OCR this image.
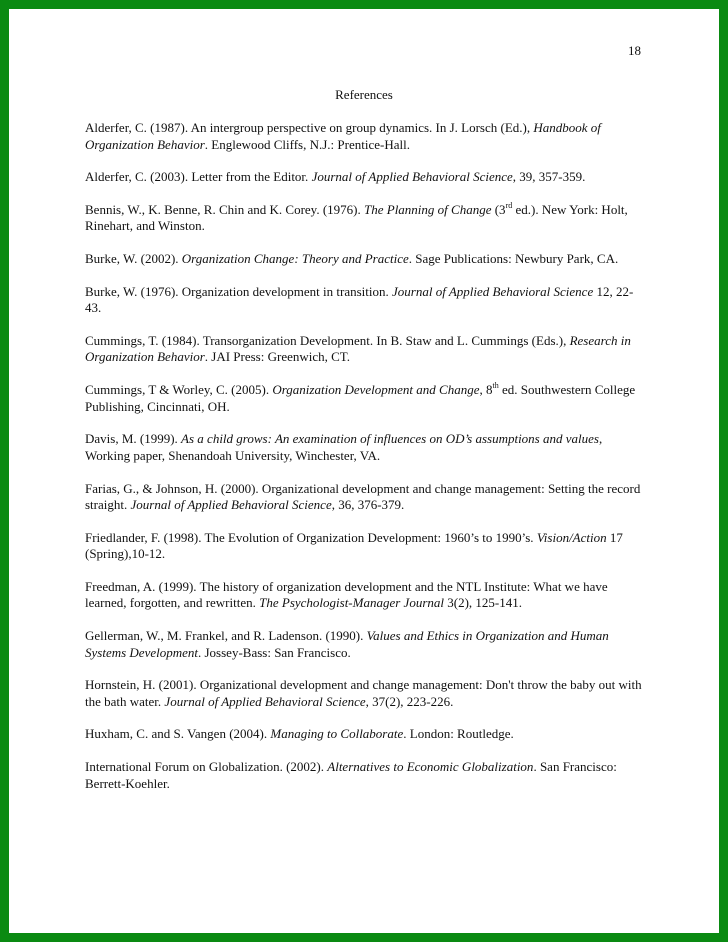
18
References

Alderfer, C. (1987). An intergroup perspective on group dynamics. In J. Lorsch (Ed.), Handbook of Organization Behavior. Englewood Cliffs, N.J.: Prentice-Hall.

Alderfer, C. (2003). Letter from the Editor. Journal of Applied Behavioral Science, 39, 357-359.

Bennis, W., K. Benne, R. Chin and K. Corey. (1976). The Planning of Change (3rd ed.). New York: Holt, Rinehart, and Winston.

Burke, W. (2002). Organization Change: Theory and Practice. Sage Publications: Newbury Park, CA.

Burke, W. (1976). Organization development in transition. Journal of Applied Behavioral Science 12, 22-43.

Cummings, T. (1984). Transorganization Development. In B. Staw and L. Cummings (Eds.), Research in Organization Behavior. JAI Press: Greenwich, CT.

Cummings, T & Worley, C. (2005). Organization Development and Change, 8th ed. Southwestern College Publishing, Cincinnati, OH.

Davis, M. (1999). As a child grows: An examination of influences on OD’s assumptions and values, Working paper, Shenandoah University, Winchester, VA.

Farias, G., & Johnson, H. (2000). Organizational development and change management: Setting the record straight. Journal of Applied Behavioral Science, 36, 376-379.

Friedlander, F. (1998). The Evolution of Organization Development: 1960’s to 1990’s. Vision/Action 17 (Spring),10-12.

Freedman, A. (1999). The history of organization development and the NTL Institute: What we have learned, forgotten, and rewritten. The Psychologist-Manager Journal 3(2), 125-141.

Gellerman, W., M. Frankel, and R. Ladenson. (1990). Values and Ethics in Organization and Human Systems Development. Jossey-Bass: San Francisco.

Hornstein, H. (2001). Organizational development and change management: Don't throw the baby out with the bath water. Journal of Applied Behavioral Science, 37(2), 223-226.

Huxham, C. and S. Vangen (2004). Managing to Collaborate. London: Routledge.

International Forum on Globalization. (2002). Alternatives to Economic Globalization. San Francisco: Berrett-Koehler.
